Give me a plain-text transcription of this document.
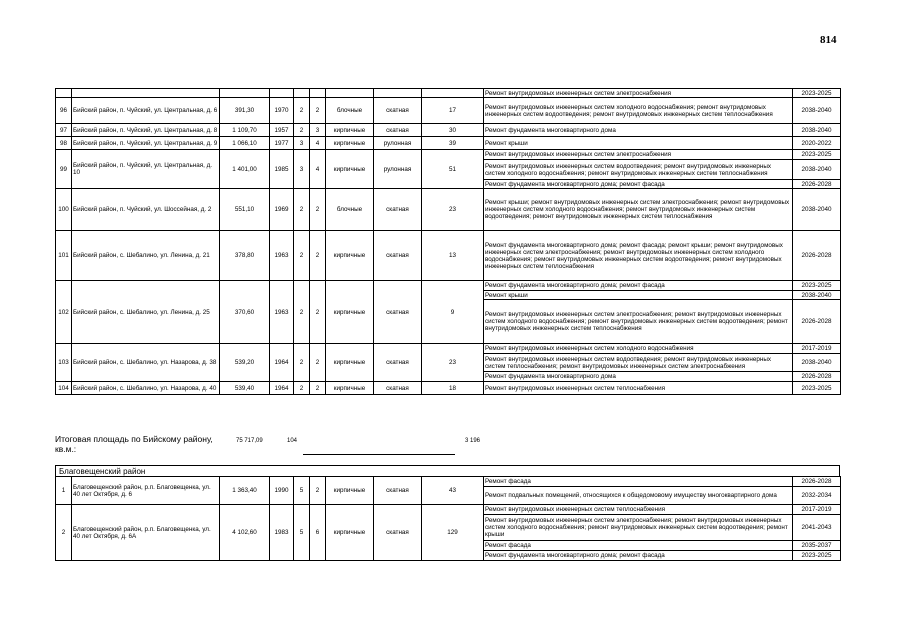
814
									Ремонт внутридомовых инженерных систем электроснабжения	2023-2025
96	Бийский район, п. Чуйский, ул. Центральная, д. 6	391,30	1970	2	2	блочные	скатная	17	Ремонт внутридомовых инженерных систем холодного водоснабжения; ремонт внутридомовых инженерных систем водоотведения; ремонт внутридомовых инженерных систем теплоснабжения	2038-2040
97	Бийский район, п. Чуйский, ул. Центральная, д. 8	1 109,70	1957	2	3	кирпичные	скатная	30	Ремонт фундамента многоквартирного дома	2038-2040
98	Бийский район, п. Чуйский, ул. Центральная, д. 9	1 066,10	1977	3	4	кирпичные	рулонная	39	Ремонт крыши	2020-2022
99	Бийский район, п. Чуйский, ул. Центральная, д. 10	1 401,00	1985	3	4	кирпичные	рулонная	51	Ремонт внутридомовых инженерных систем электроснабжения	2023-2025
									Ремонт внутридомовых инженерных систем водоотведения; ремонт внутридомовых инженерных систем холодного водоснабжения; ремонт внутридомовых инженерных систем теплоснабжения	2038-2040
									Ремонт фундамента многоквартирного дома; ремонт фасада	2026-2028
100	Бийский район, п. Чуйский, ул. Шоссейная, д. 2	551,10	1969	2	2	блочные	скатная	23	Ремонт крыши; ремонт внутридомовых инженерных систем электроснабжения; ремонт внутридомовых инженерных систем холодного водоснабжения; ремонт внутридомовых инженерных систем водоотведения; ремонт внутридомовых инженерных систем теплоснабжения	2038-2040
101	Бийский район, с. Шебалино, ул. Ленина, д. 21	378,80	1963	2	2	кирпичные	скатная	13	Ремонт фундамента многоквартирного дома; ремонт фасада; ремонт крыши; ремонт внутридомовых инженерных систем электроснабжения; ремонт внутридомовых инженерных систем холодного водоснабжения; ремонт внутридомовых инженерных систем водоотведения; ремонт внутридомовых инженерных систем теплоснабжения	2026-2028
102	Бийский район, с. Шебалино, ул. Ленина, д. 25	370,60	1963	2	2	кирпичные	скатная	9	Ремонт фундамента многоквартирного дома; ремонт фасада	2023-2025
									Ремонт крыши	2038-2040
									Ремонт внутридомовых инженерных систем электроснабжения; ремонт внутридомовых инженерных систем холодного водоснабжения; ремонт внутридомовых инженерных систем водоотведения; ремонт внутридомовых инженерных систем теплоснабжения	2026-2028
103	Бийский район, с. Шебалино, ул. Назарова, д. 38	539,20	1964	2	2	кирпичные	скатная	23	Ремонт внутридомовых инженерных систем холодного водоснабжения	2017-2019
									Ремонт внутридомовых инженерных систем водоотведения; ремонт внутридомовых инженерных систем теплоснабжения; ремонт внутридомовых инженерных систем электроснабжения	2038-2040
									Ремонт фундамента многоквартирного дома	2026-2028
104	Бийский район, с. Шебалино, ул. Назарова, д. 40	539,40	1964	2	2	кирпичные	скатная	18	Ремонт внутридомовых инженерных систем теплоснабжения	2023-2025
Итоговая площадь по Бийскому району, кв.м.:
75 717,09	104	3 196
Благовещенский район
1	Благовещенский район, р.п. Благовещенка, ул. 40 лет Октября, д. 6	1 363,40	1990	5	2	кирпичные	скатная	43	Ремонт фасада	2026-2028
									Ремонт подвальных помещений, относящихся к общедомовому имуществу многоквартирного дома	2032-2034
2	Благовещенский район, р.п. Благовещенка, ул. 40 лет Октября, д. 6А	4 102,60	1983	5	6	кирпичные	скатная	129	Ремонт внутридомовых инженерных систем теплоснабжения	2017-2019
									Ремонт внутридомовых инженерных систем электроснабжения; ремонт внутридомовых инженерных систем холодного водоснабжения; ремонт внутридомовых инженерных систем водоотведения; ремонт крыши	2041-2043
									Ремонт фасада	2035-2037
									Ремонт фундамента многоквартирного дома; ремонт фасада	2023-2025
